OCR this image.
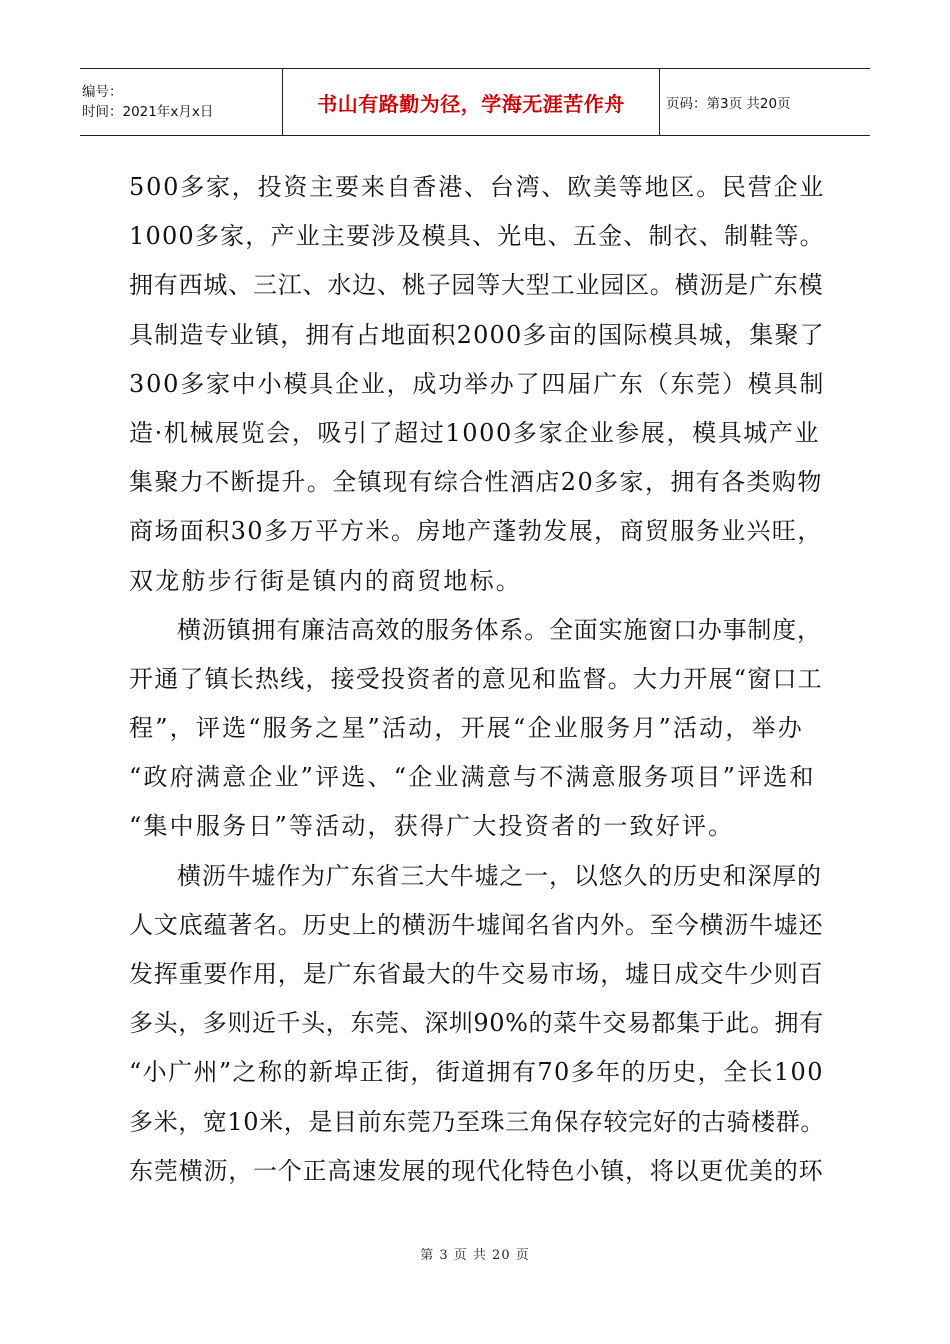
编号：
时间：2021年x月x日	书山有路勤为径，学海无涯苦作舟	页码：第3页 共20页
500多家，投资主要来自香港、台湾、欧美等地区。民营企业
1000多家，产业主要涉及模具、光电、五金、制衣、制鞋等。
拥有西城、三江、水边、桃子园等大型工业园区。横沥是广东模
具制造专业镇，拥有占地面积2000多亩的国际模具城，集聚了
300多家中小模具企业，成功举办了四届广东（东莞）模具制
造·机械展览会，吸引了超过1000多家企业参展，模具城产业
集聚力不断提升。全镇现有综合性酒店20多家，拥有各类购物
商场面积30多万平方米。房地产蓬勃发展，商贸服务业兴旺，
双龙舫步行街是镇内的商贸地标。
横沥镇拥有廉洁高效的服务体系。全面实施窗口办事制度，
开通了镇长热线，接受投资者的意见和监督。大力开展“窗口工
程”，评选“服务之星”活动，开展“企业服务月”活动，举办
“政府满意企业”评选、“企业满意与不满意服务项目”评选和
“集中服务日”等活动，获得广大投资者的一致好评。
横沥牛墟作为广东省三大牛墟之一，以悠久的历史和深厚的
人文底蕴著名。历史上的横沥牛墟闻名省内外。至今横沥牛墟还
发挥重要作用，是广东省最大的牛交易市场，墟日成交牛少则百
多头，多则近千头，东莞、深圳90%的菜牛交易都集于此。拥有
“小广州”之称的新埠正街，街道拥有70多年的历史，全长100
多米，宽10米，是目前东莞乃至珠三角保存较完好的古骑楼群。
东莞横沥，一个正高速发展的现代化特色小镇，将以更优美的环
第 3 页 共 20 页
